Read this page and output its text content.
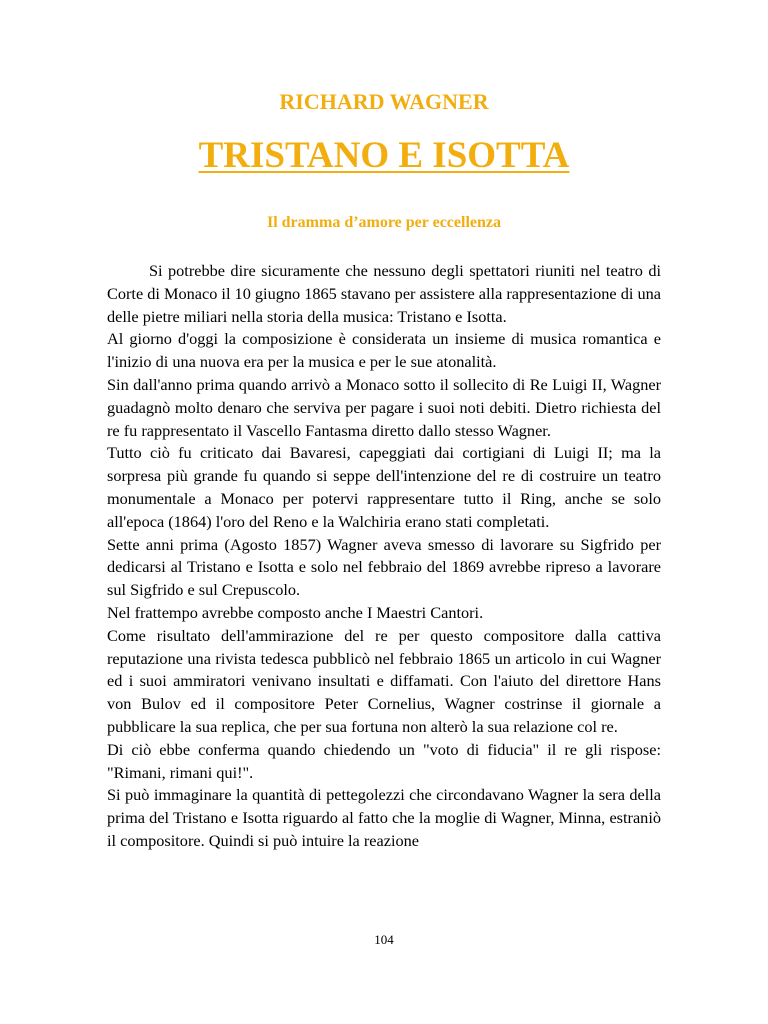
RICHARD WAGNER
TRISTANO E ISOTTA
Il dramma d’amore per eccellenza

Si potrebbe dire sicuramente che nessuno degli spettatori riuniti nel teatro di Corte di Monaco il 10 giugno 1865 stavano per assistere alla rappresentazione di una delle pietre miliari nella storia della musica: Tristano e Isotta.

Al giorno d'oggi la composizione è considerata un insieme di musica romantica e l'inizio di una nuova era per la musica e per le sue atonalità.

Sin dall'anno prima quando arrivò a Monaco sotto il sollecito di Re Luigi II, Wagner guadagnò molto denaro che serviva per pagare i suoi noti debiti. Dietro richiesta del re fu rappresentato il Vascello Fantasma diretto dallo stesso Wagner.

Tutto ciò fu criticato dai Bavaresi, capeggiati dai cortigiani di Luigi II; ma la sorpresa più grande fu quando si seppe dell'intenzione del re di costruire un teatro monumentale a Monaco per potervi rappresentare tutto il Ring, anche se solo all'epoca (1864) l'oro del Reno e la Walchiria erano stati completati.

Sette anni prima (Agosto 1857) Wagner aveva smesso di lavorare su Sigfrido per dedicarsi al Tristano e Isotta e solo nel febbraio del 1869 avrebbe ripreso a lavorare sul Sigfrido e sul Crepuscolo.

Nel frattempo avrebbe composto anche I Maestri Cantori.

Come risultato dell'ammirazione del re per questo compositore dalla cattiva reputazione una rivista tedesca pubblicò nel febbraio 1865 un articolo in cui Wagner ed i suoi ammiratori venivano insultati e diffamati. Con l'aiuto del direttore Hans von Bulov ed il compositore Peter Cornelius, Wagner costrinse il giornale a pubblicare la sua replica, che per sua fortuna non alterò la sua relazione col re.

Di ciò ebbe conferma quando chiedendo un "voto di fiducia" il re gli rispose: "Rimani, rimani qui!".

Si può immaginare la quantità di pettegolezzi che circondavano Wagner la sera della prima del Tristano e Isotta riguardo al fatto che la moglie di Wagner, Minna, estraniò il compositore. Quindi si può intuire la reazione

104
